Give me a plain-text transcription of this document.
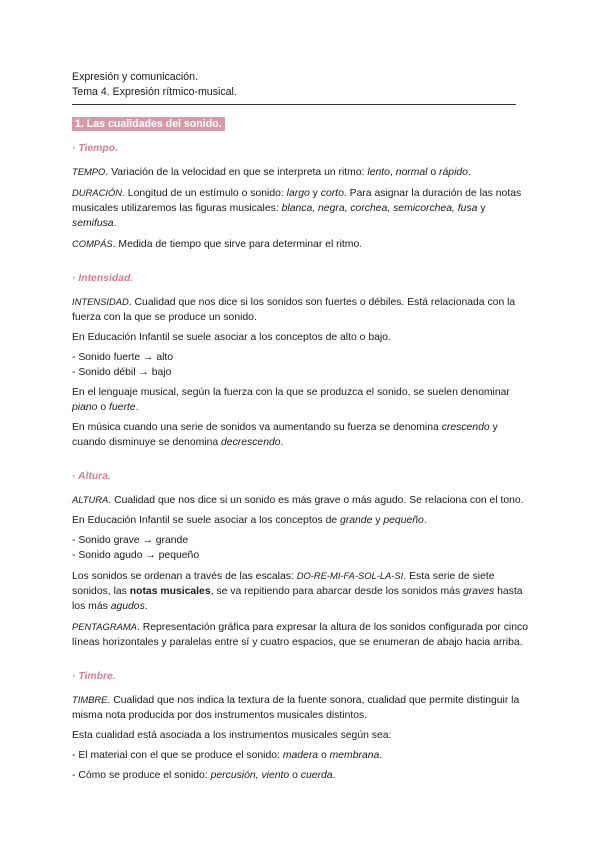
Expresión y comunicación.
Tema 4. Expresión rítmico-musical.
1. Las cualidades del sonido.
· Tiempo.

TEMPO. Variación de la velocidad en que se interpreta un ritmo: lento, normal o rápido.

DURACIÓN. Longitud de un estímulo o sonido: largo y corto. Para asignar la duración de las notas musicales utilizaremos las figuras musicales: blanca, negra, corchea, semicorchea, fusa y semifusa.

COMPÁS. Medida de tiempo que sirve para determinar el ritmo.

· Intensidad.

INTENSIDAD. Cualidad que nos dice si los sonidos son fuertes o débiles. Está relacionada con la fuerza con la que se produce un sonido.

En Educación Infantil se suele asociar a los conceptos de alto o bajo.

- Sonido fuerte → alto

- Sonido débil → bajo

En el lenguaje musical, según la fuerza con la que se produzca el sonido, se suelen denominar piano o fuerte.

En música cuando una serie de sonidos va aumentando su fuerza se denomina crescendo y cuando disminuye se denomina decrescendo.

· Altura.

ALTURA. Cualidad que nos dice si un sonido es más grave o más agudo. Se relaciona con el tono.

En Educación Infantil se suele asociar a los conceptos de grande y pequeño.

- Sonido grave → grande

- Sonido agudo → pequeño

Los sonidos se ordenan a través de las escalas: DO-RE-MI-FA-SOL-LA-SI. Esta serie de siete sonidos, las notas musicales, se va repitiendo para abarcar desde los sonidos más graves hasta los más agudos.

PENTAGRAMA. Representación gráfica para expresar la altura de los sonidos configurada por cinco líneas horizontales y paralelas entre sí y cuatro espacios, que se enumeran de abajo hacia arriba.

· Timbre.

TIMBRE. Cualidad que nos indica la textura de la fuente sonora, cualidad que permite distinguir la misma nota producida por dos instrumentos musicales distintos.

Esta cualidad está asociada a los instrumentos musicales según sea:

- El material con el que se produce el sonido: madera o membrana.

- Cómo se produce el sonido: percusión, viento o cuerda.
